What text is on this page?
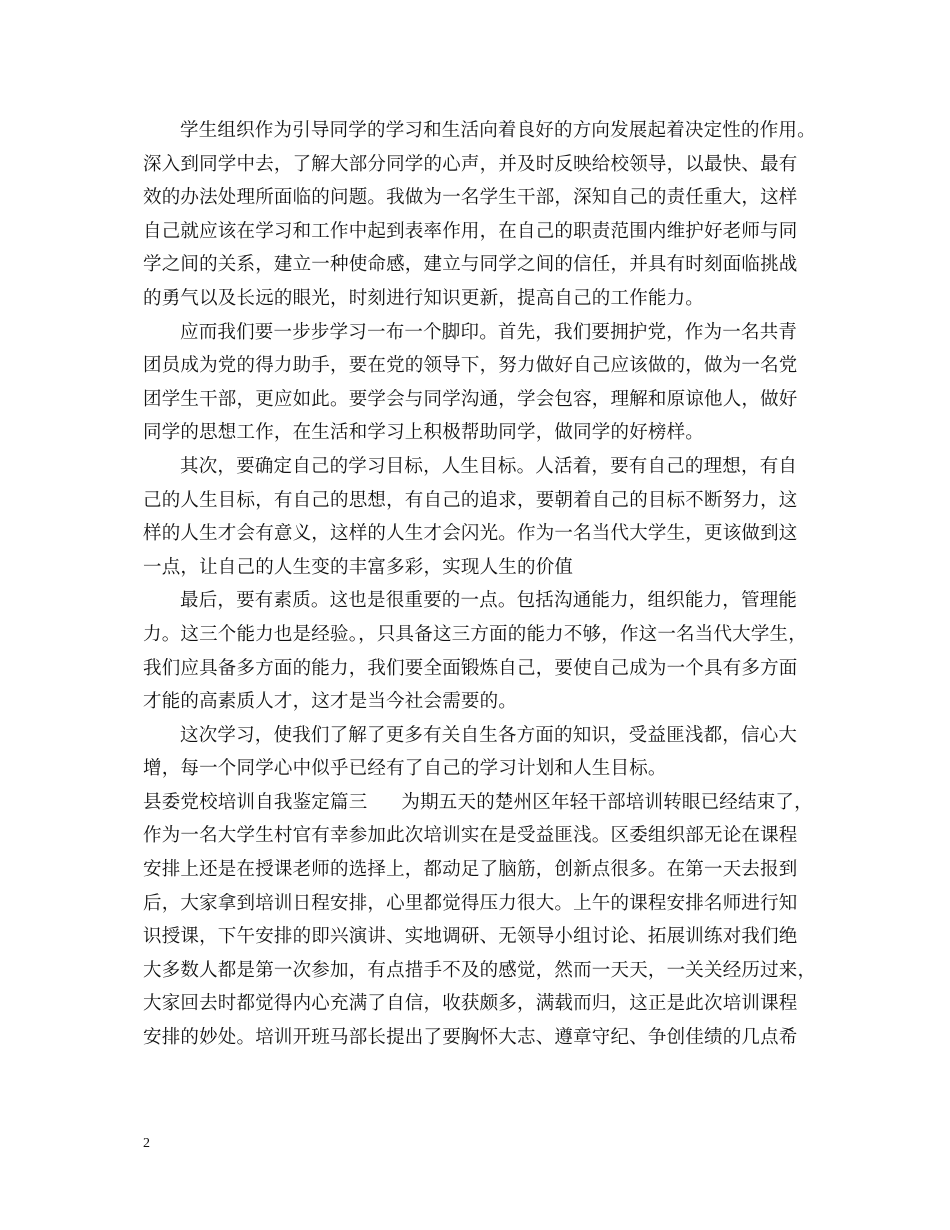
学生组织作为引导同学的学习和生活向着良好的方向发展起着决定性的作用。
深入到同学中去，了解大部分同学的心声，并及时反映给校领导，以最快、最有
效的办法处理所面临的问题。我做为一名学生干部，深知自己的责任重大，这样
自己就应该在学习和工作中起到表率作用，在自己的职责范围内维护好老师与同
学之间的关系，建立一种使命感，建立与同学之间的信任，并具有时刻面临挑战
的勇气以及长远的眼光，时刻进行知识更新，提高自己的工作能力。
应而我们要一步步学习一布一个脚印。首先，我们要拥护党，作为一名共青
团员成为党的得力助手，要在党的领导下，努力做好自己应该做的，做为一名党
团学生干部，更应如此。要学会与同学沟通，学会包容，理解和原谅他人，做好
同学的思想工作，在生活和学习上积极帮助同学，做同学的好榜样。
其次，要确定自己的学习目标，人生目标。人活着，要有自己的理想，有自
己的人生目标，有自己的思想，有自己的追求，要朝着自己的目标不断努力，这
样的人生才会有意义，这样的人生才会闪光。作为一名当代大学生，更该做到这
一点，让自己的人生变的丰富多彩，实现人生的价值
最后，要有素质。这也是很重要的一点。包括沟通能力，组织能力，管理能
力。这三个能力也是经验。，只具备这三方面的能力不够，作这一名当代大学生，
我们应具备多方面的能力，我们要全面锻炼自己，要使自己成为一个具有多方面
才能的高素质人才，这才是当今社会需要的。
这次学习，使我们了解了更多有关自生各方面的知识，受益匪浅都，信心大
增，每一个同学心中似乎已经有了自己的学习计划和人生目标。
县委党校培训自我鉴定篇三 为期五天的楚州区年轻干部培训转眼已经结束了，
作为一名大学生村官有幸参加此次培训实在是受益匪浅。区委组织部无论在课程
安排上还是在授课老师的选择上，都动足了脑筋，创新点很多。在第一天去报到
后，大家拿到培训日程安排，心里都觉得压力很大。上午的课程安排名师进行知
识授课，下午安排的即兴演讲、实地调研、无领导小组讨论、拓展训练对我们绝
大多数人都是第一次参加，有点措手不及的感觉，然而一天天，一关关经历过来，
大家回去时都觉得内心充满了自信，收获颇多，满载而归，这正是此次培训课程
安排的妙处。培训开班马部长提出了要胸怀大志、遵章守纪、争创佳绩的几点希
2
